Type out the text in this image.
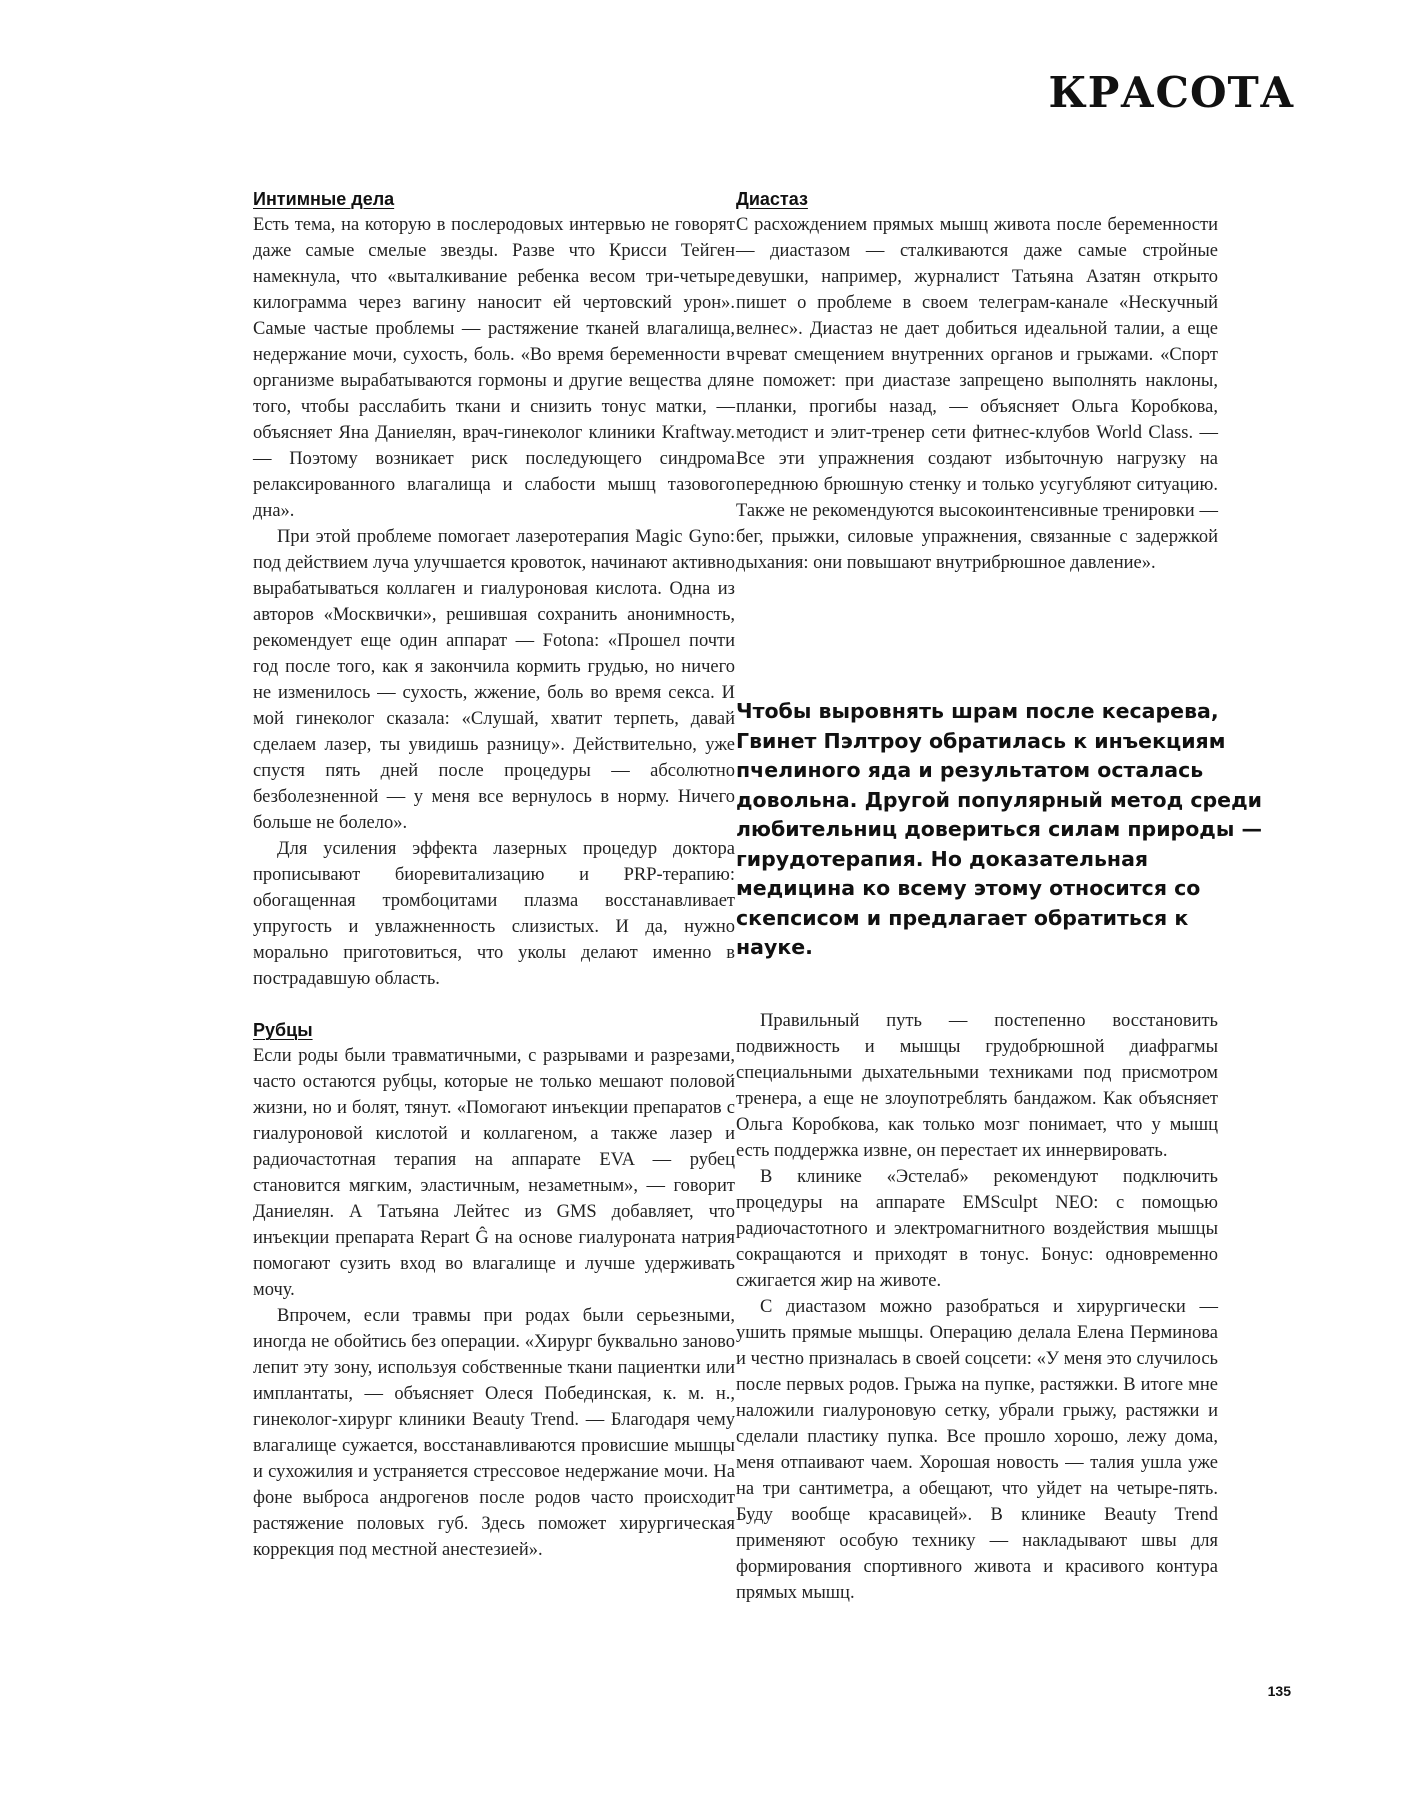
КРАСОТА
Интимные дела

Есть тема, на которую в послеродовых интервью не говорят даже самые смелые звезды. Разве что Крисси Тейген намекнула, что «выталкивание ребенка весом три-четыре килограмма через вагину наносит ей чертовский урон». Самые частые проблемы — растяжение тканей влагалища, недержание мочи, сухость, боль. «Во время беременности в организме вырабатываются гормоны и другие вещества для того, чтобы расслабить ткани и снизить тонус матки, — объясняет Яна Даниелян, врач-гинеколог клиники Kraftway. — Поэтому возникает риск последующего синдрома релаксированного влагалища и слабости мышц тазового дна».

При этой проблеме помогает лазеротерапия Magic Gyno: под действием луча улучшается кровоток, начинают активно вырабатываться коллаген и гиалуроновая кислота. Одна из авторов «Москвички», решившая сохранить анонимность, рекомендует еще один аппарат — Fotona: «Прошел почти год после того, как я закончила кормить грудью, но ничего не изменилось — сухость, жжение, боль во время секса. И мой гинеколог сказала: «Слушай, хватит терпеть, давай сделаем лазер, ты увидишь разницу». Действительно, уже спустя пять дней после процедуры — абсолютно безболезненной — у меня все вернулось в норму. Ничего больше не болело».

Для усиления эффекта лазерных процедур доктора прописывают биоревитализацию и PRP-терапию: обогащенная тромбоцитами плазма восстанавливает упругость и увлажненность слизистых. И да, нужно морально приготовиться, что уколы делают именно в пострадавшую область.

Рубцы

Если роды были травматичными, с разрывами и разрезами, часто остаются рубцы, которые не только мешают половой жизни, но и болят, тянут. «Помогают инъекции препаратов с гиалуроновой кислотой и коллагеном, а также лазер и радиочастотная терапия на аппарате EVA — рубец становится мягким, эластичным, незаметным», — говорит Даниелян. А Татьяна Лейтес из GMS добавляет, что инъекции препарата Repart Ĝ на основе гиалуроната натрия помогают сузить вход во влагалище и лучше удерживать мочу.

Впрочем, если травмы при родах были серьезными, иногда не обойтись без операции. «Хирург буквально заново лепит эту зону, используя собственные ткани пациентки или имплантаты, — объясняет Олеся Побединская, к. м. н., гинеколог-хирург клиники Beauty Trend. — Благодаря чему влагалище сужается, восстанавливаются провисшие мышцы и сухожилия и устраняется стрессовое недержание мочи. На фоне выброса андрогенов после родов часто происходит растяжение половых губ. Здесь поможет хирургическая коррекция под местной анестезией».

Диастаз

С расхождением прямых мышц живота после беременности — диастазом — сталкиваются даже самые стройные девушки, например, журналист Татьяна Азатян открыто пишет о проблеме в своем телеграм-канале «Нескучный велнес». Диастаз не дает добиться идеальной талии, а еще чреват смещением внутренних органов и грыжами. «Спорт не поможет: при диастазе запрещено выполнять наклоны, планки, прогибы назад, — объясняет Ольга Коробкова, методист и элит-тренер сети фитнес-клубов World Class. — Все эти упражнения создают избыточную нагрузку на переднюю брюшную стенку и только усугубляют ситуацию. Также не рекомендуются высокоинтенсивные тренировки — бег, прыжки, силовые упражнения, связанные с задержкой дыхания: они повышают внутрибрюшное давление».

Чтобы выровнять шрам после кесарева, Гвинет Пэлтроу обратилась к инъекциям пчелиного яда и результатом осталась довольна. Другой популярный метод среди любительниц довериться силам природы — гирудотерапия. Но доказательная медицина ко всему этому относится со скепсисом и предлагает обратиться к науке.

Правильный путь — постепенно восстановить подвижность и мышцы грудобрюшной диафрагмы специальными дыхательными техниками под присмотром тренера, а еще не злоупотреблять бандажом. Как объясняет Ольга Коробкова, как только мозг понимает, что у мышц есть поддержка извне, он перестает их иннервировать.

В клинике «Эстелаб» рекомендуют подключить процедуры на аппарате EMSculpt NEO: с помощью радиочастотного и электромагнитного воздействия мышцы сокращаются и приходят в тонус. Бонус: одновременно сжигается жир на животе.

С диастазом можно разобраться и хирургически — ушить прямые мышцы. Операцию делала Елена Перминова и честно призналась в своей соцсети: «У меня это случилось после первых родов. Грыжа на пупке, растяжки. В итоге мне наложили гиалуроновую сетку, убрали грыжу, растяжки и сделали пластику пупка. Все прошло хорошо, лежу дома, меня отпаивают чаем. Хорошая новость — талия ушла уже на три сантиметра, а обещают, что уйдет на четыре-пять. Буду вообще красавицей». В клинике Beauty Trend применяют особую технику — накладывают швы для формирования спортивного живота и красивого контура прямых мышц.

135
